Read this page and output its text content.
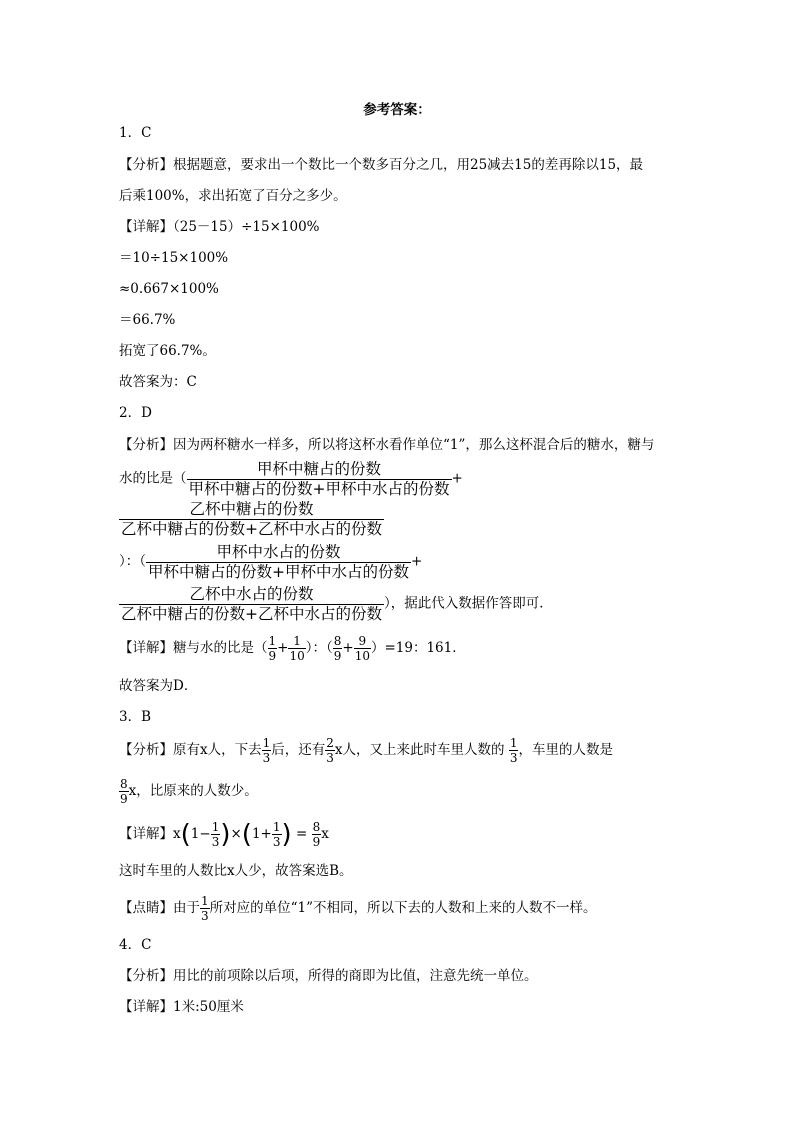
参考答案：
1．C
【分析】根据题意，要求出一个数比一个数多百分之几，用25减去15的差再除以15，最
后乘100%，求出拓宽了百分之多少。
【详解】（25－15）÷15×100%
＝10÷15×100%
≈0.667×100%
＝66.7%
拓宽了66.7%。
故答案为：C
2．D
【分析】因为两杯糖水一样多，所以将这杯水看作单位“1”，那么这杯混合后的糖水，糖与
水的比是（
甲杯中糖占的份数
甲杯中糖占的份数+甲杯中水占的份数
+
乙杯中糖占的份数
乙杯中糖占的份数+乙杯中水占的份数
）：（
甲杯中水占的份数
甲杯中糖占的份数+甲杯中水占的份数
+
乙杯中水占的份数
乙杯中糖占的份数+乙杯中水占的份数
），据此代入数据作答即可．
【详解】糖与水的比是（ $\frac{1}{9} + \frac{1}{10}$ ）：（ $\frac{8}{9} + \frac{9}{10} )=19$：161．
故答案为D．
3．B
【分析】原有x人，下去 $\frac{1}{3}$ 后，还有 $\frac{2}{3}$ x人，又上来此时车里人数的 $\frac{1}{3}$ ，车里的人数是
$\frac{8}{9}$ x，比原来的人数少。
【详解】$x(1- \frac{1}{3} )\times(1+ \frac{1}{3}$ ) = $\frac{8}{9}$ x
这时车里的人数比x人少，故答案选B。
【点睛】由于 $\frac{1}{3}$ 所对应的单位“1”不相同，所以下去的人数和上来的人数不一样。
4．C
【分析】用比的前项除以后项，所得的商即为比值，注意先统一单位。
【详解】1米:50厘米
